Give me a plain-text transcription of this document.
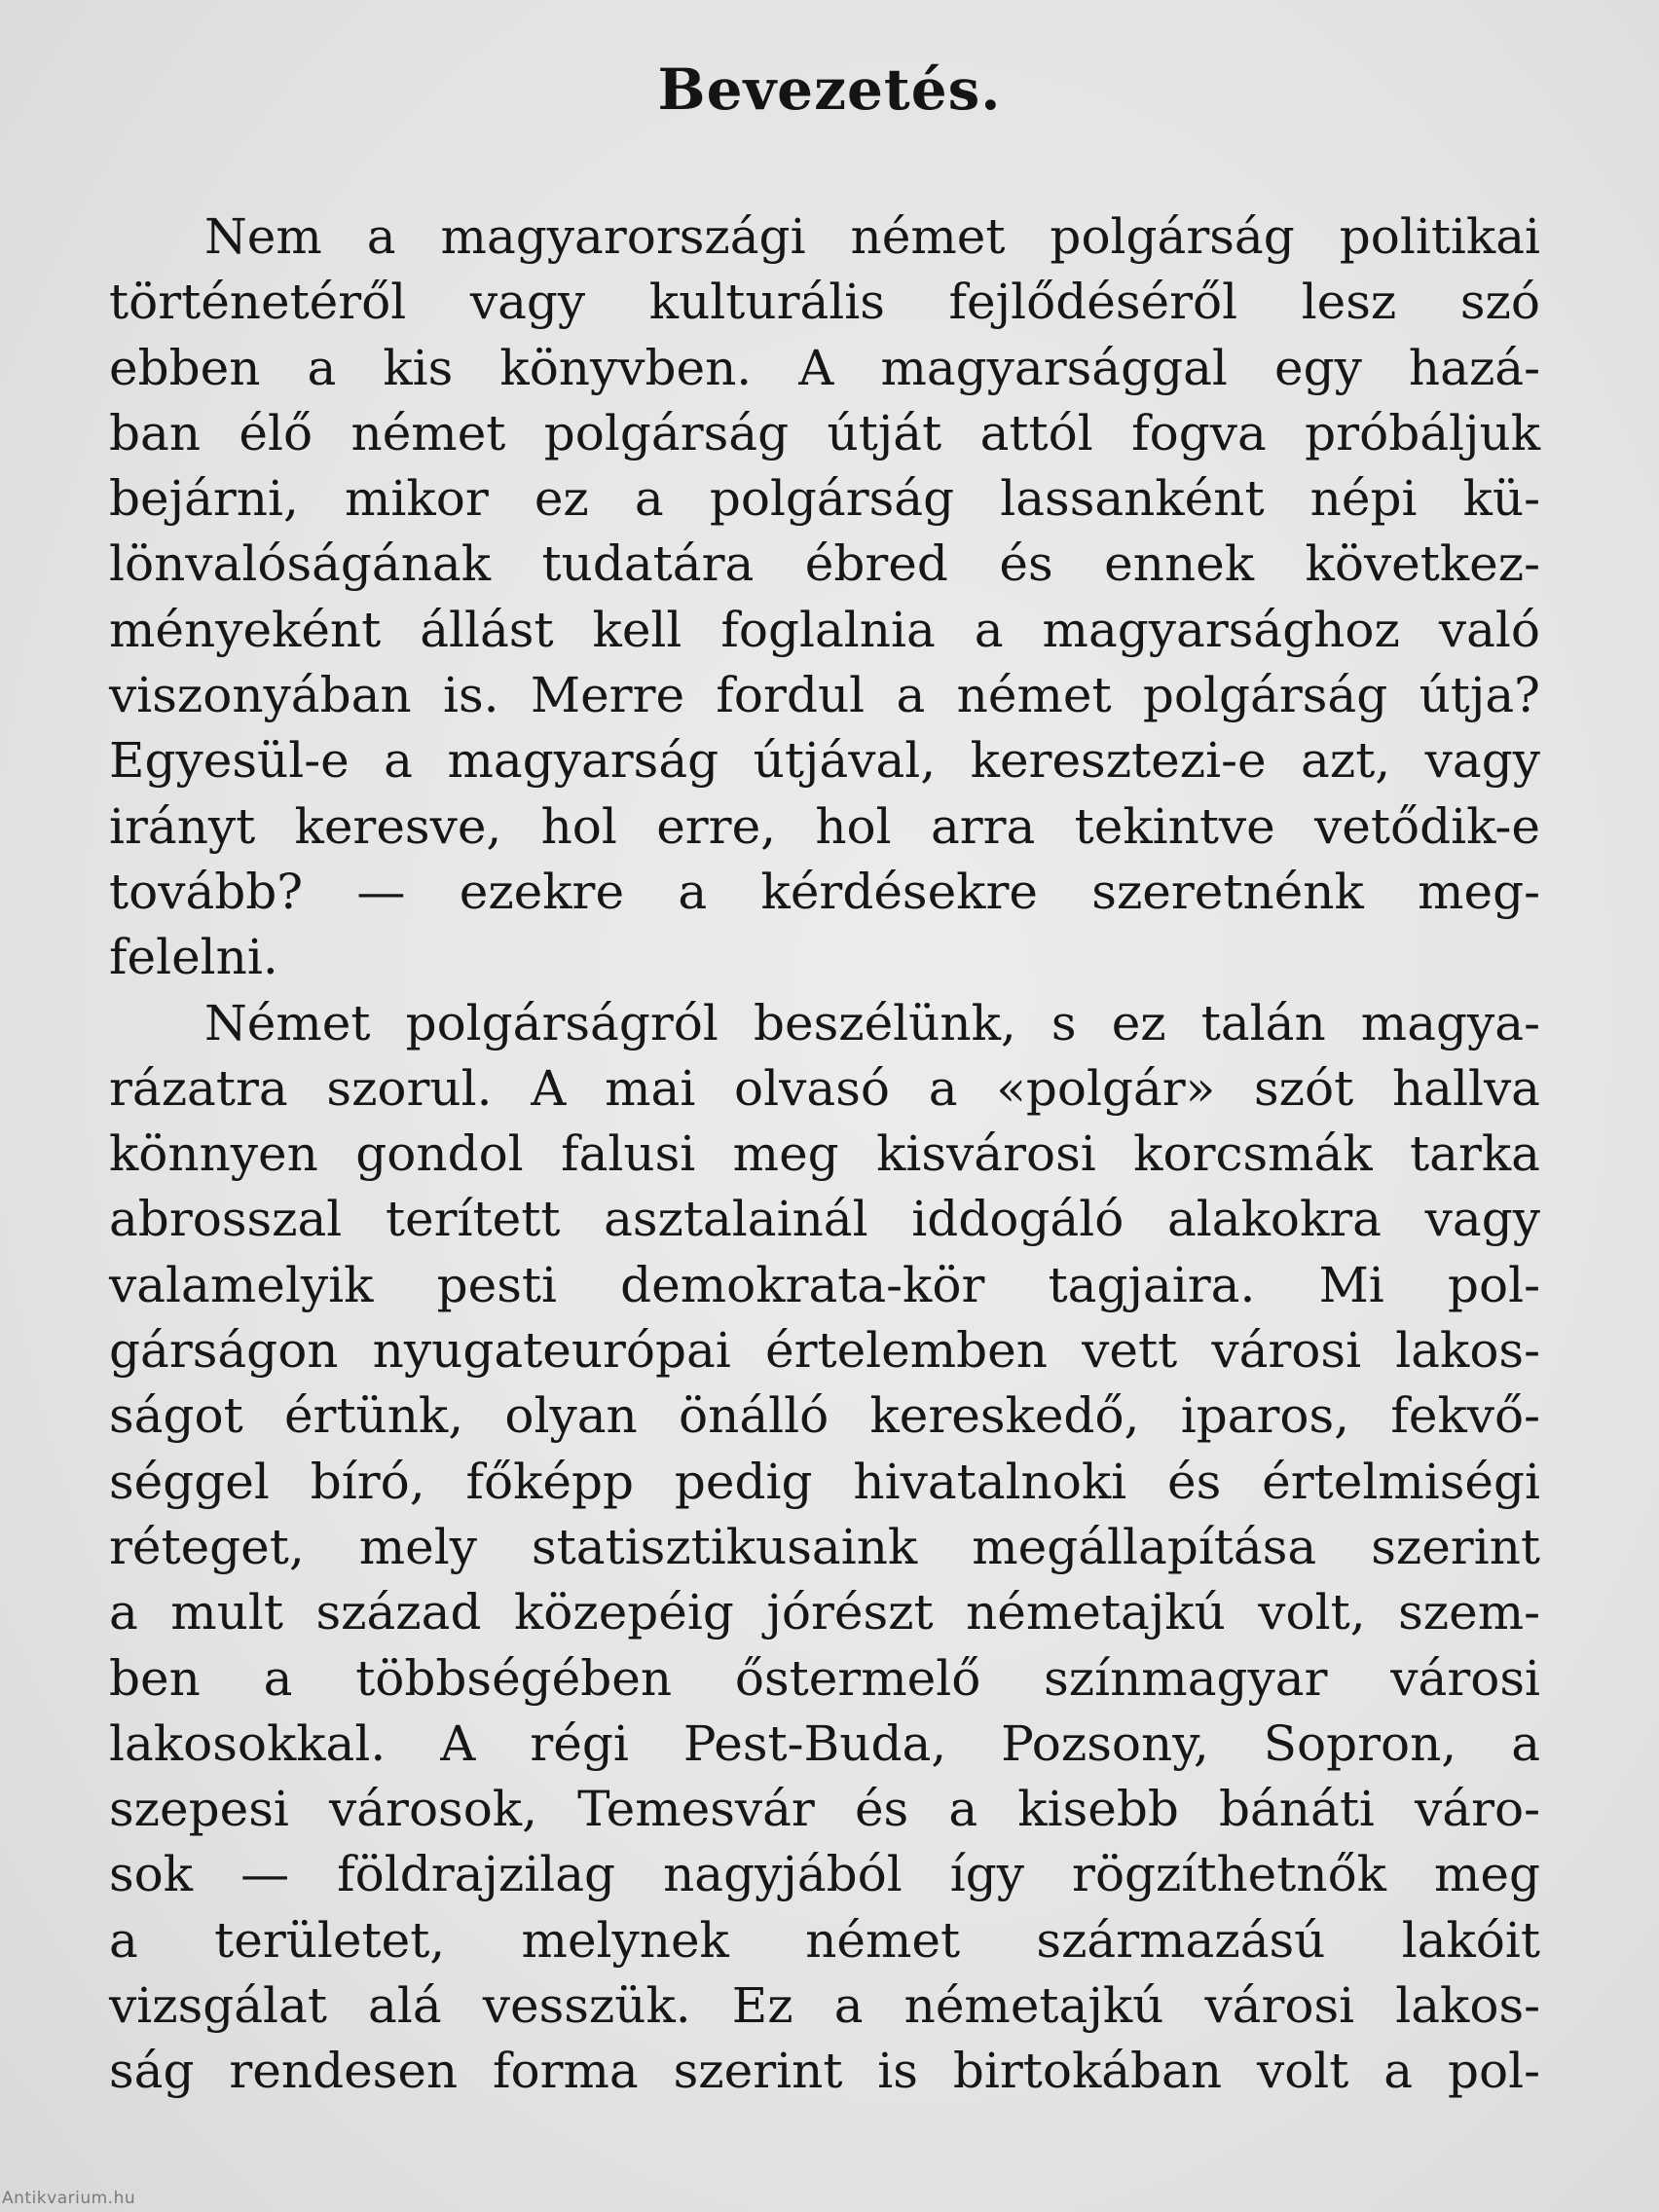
Bevezetés.
Nem a magyarországi német polgárság politikai
történetéről vagy kulturális fejlődéséről lesz szó
ebben a kis könyvben. A magyarsággal egy hazá-
ban élő német polgárság útját attól fogva próbáljuk
bejárni, mikor ez a polgárság lassanként népi kü-
lönvalóságának tudatára ébred és ennek következ-
ményeként állást kell foglalnia a magyarsághoz való
viszonyában is. Merre fordul a német polgárság útja?
Egyesül-e a magyarság útjával, keresztezi-e azt, vagy
irányt keresve, hol erre, hol arra tekintve vetődik-e
tovább? — ezekre a kérdésekre szeretnénk meg-
felelni.
Német polgárságról beszélünk, s ez talán magya-
rázatra szorul. A mai olvasó a «polgár» szót hallva
könnyen gondol falusi meg kisvárosi korcsmák tarka
abrosszal terített asztalainál iddogáló alakokra vagy
valamelyik pesti demokrata-kör tagjaira. Mi pol-
gárságon nyugateurópai értelemben vett városi lakos-
ságot értünk, olyan önálló kereskedő, iparos, fekvő-
séggel bíró, főképp pedig hivatalnoki és értelmiségi
réteget, mely statisztikusaink megállapítása szerint
a mult század közepéig jórészt németajkú volt, szem-
ben a többségében őstermelő színmagyar városi
lakosokkal. A régi Pest-Buda, Pozsony, Sopron, a
szepesi városok, Temesvár és a kisebb bánáti váro-
sok — földrajzilag nagyjából így rögzíthetnők meg
a területet, melynek német származású lakóit
vizsgálat alá vesszük. Ez a németajkú városi lakos-
ság rendesen forma szerint is birtokában volt a pol-
Antikvarium.hu
